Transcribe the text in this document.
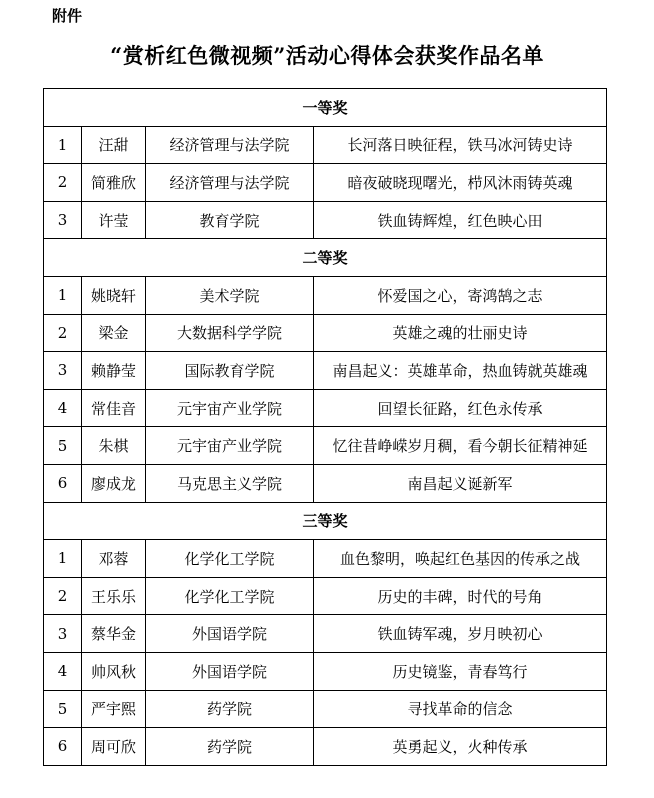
附件
“赏析红色微视频”活动心得体会获奖作品名单
一等奖			
1	汪甜	经济管理与法学院	长河落日映征程，铁马冰河铸史诗
2	简雅欣	经济管理与法学院	暗夜破晓现曙光，栉风沐雨铸英魂
3	许莹	教育学院	铁血铸辉煌，红色映心田
二等奖			
1	姚晓轩	美术学院	怀爱国之心，寄鸿鹄之志
2	梁金	大数据科学学院	英雄之魂的壮丽史诗
3	赖静莹	国际教育学院	南昌起义：英雄革命，热血铸就英雄魂
4	常佳音	元宇宙产业学院	回望长征路，红色永传承
5	朱棋	元宇宙产业学院	忆往昔峥嵘岁月稠，看今朝长征精神延
6	廖成龙	马克思主义学院	南昌起义诞新军
三等奖			
1	邓蓉	化学化工学院	血色黎明，唤起红色基因的传承之战
2	王乐乐	化学化工学院	历史的丰碑，时代的号角
3	蔡华金	外国语学院	铁血铸军魂，岁月映初心
4	帅风秋	外国语学院	历史镜鉴，青春笃行
5	严宇熙	药学院	寻找革命的信念
6	周可欣	药学院	英勇起义，火种传承
